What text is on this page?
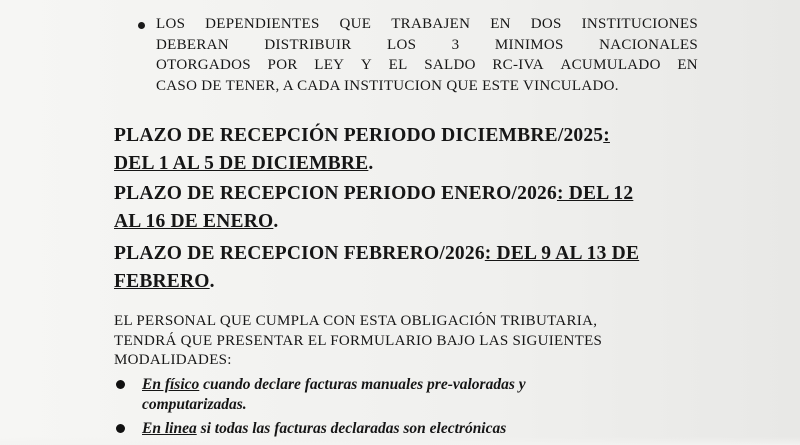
LOS DEPENDIENTES QUE TRABAJEN EN DOS INSTITUCIONES
DEBERAN DISTRIBUIR LOS 3 MINIMOS NACIONALES
OTORGADOS POR LEY Y EL SALDO RC-IVA ACUMULADO EN
CASO DE TENER, A CADA INSTITUCION QUE ESTE VINCULADO.
PLAZO DE RECEPCIÓN PERIODO DICIEMBRE/2025:
DEL 1 AL 5 DE DICIEMBRE.
PLAZO DE RECEPCION PERIODO ENERO/2026: DEL 12
AL 16 DE ENERO.
PLAZO DE RECEPCION FEBRERO/2026: DEL 9 AL 13 DE
FEBRERO.
EL PERSONAL QUE CUMPLA CON ESTA OBLIGACIÓN TRIBUTARIA,
TENDRÁ QUE PRESENTAR EL FORMULARIO BAJO LAS SIGUIENTES
MODALIDADES:
En físico cuando declare facturas manuales pre-valoradas y
computarizadas.
En linea si todas las facturas declaradas son electrónicas
